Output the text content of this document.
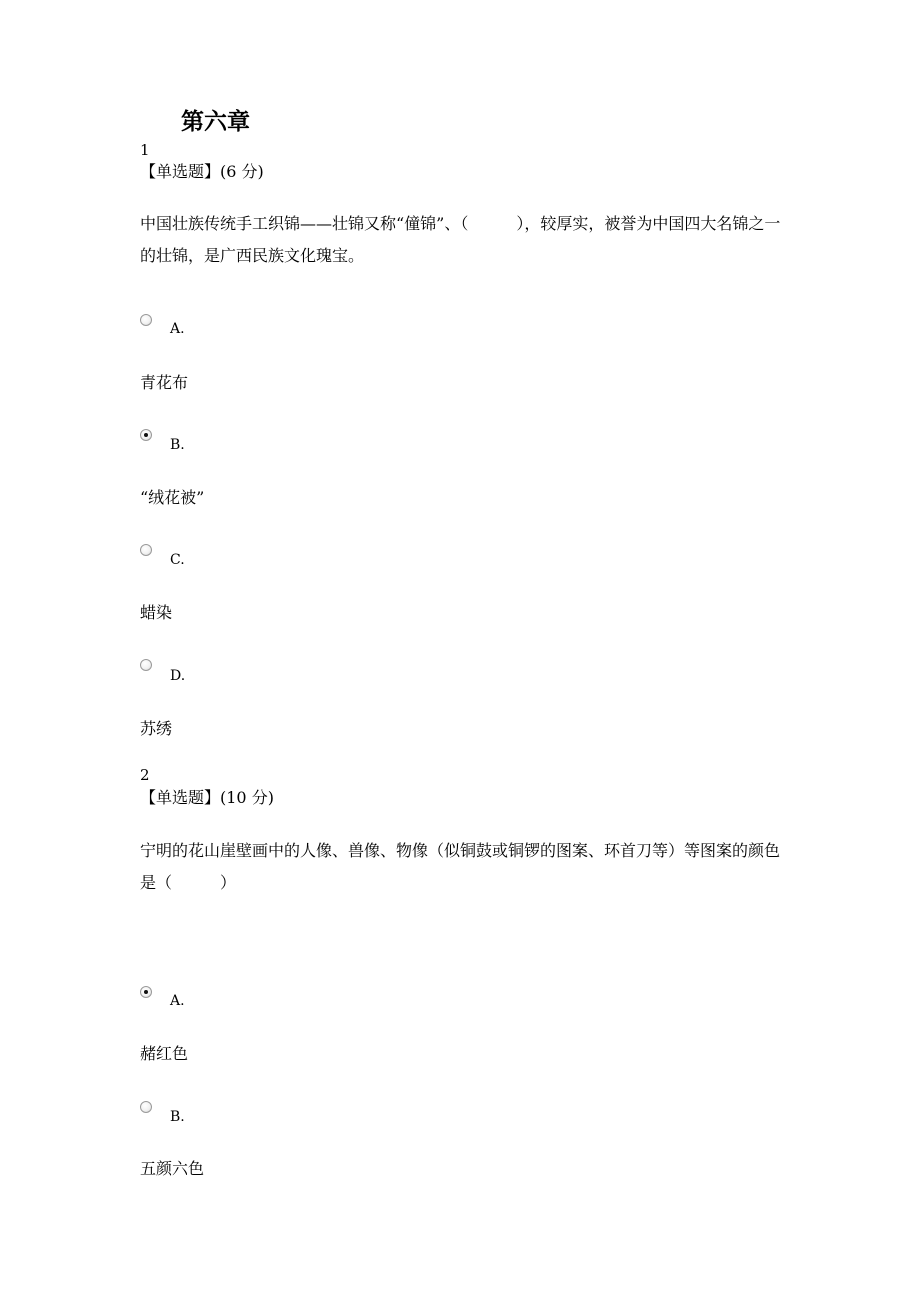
第六章
1
【单选题】(6 分)
中国壮族传统手工织锦——壮锦又称“僮锦”、（　　　），较厚实，被誉为中国四大名锦之一的壮锦，是广西民族文化瑰宝。
A.
青花布
B.
“绒花被”
C.
蜡染
D.
苏绣
2
【单选题】(10 分)
宁明的花山崖壁画中的人像、兽像、物像（似铜鼓或铜锣的图案、环首刀等）等图案的颜色是（　　　）
A.
赭红色
B.
五颜六色
